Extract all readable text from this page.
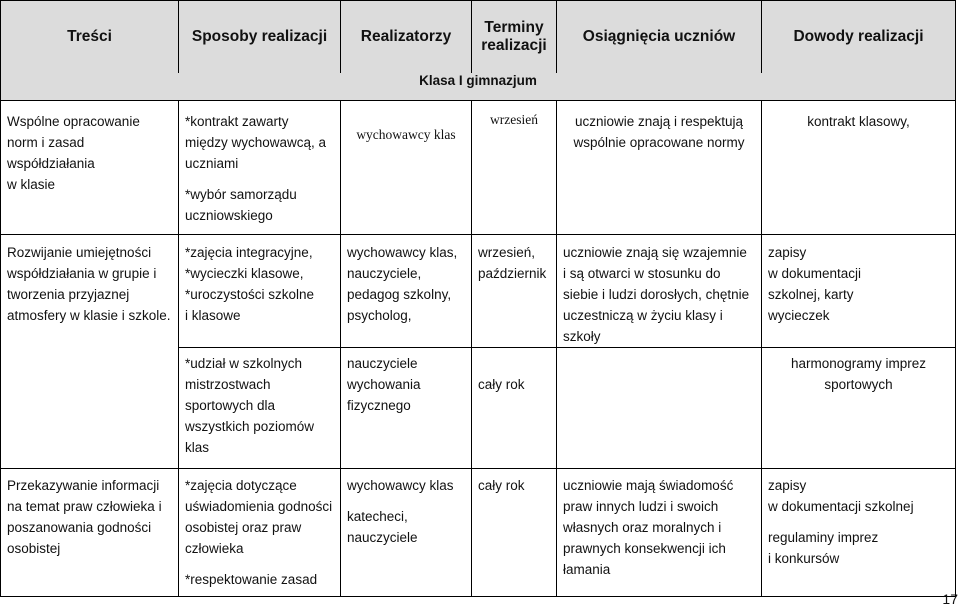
Treści	Sposoby realizacji	Realizatorzy	Terminy realizacji	Osiągnięcia uczniów	Dowody realizacji
Klasa I gimnazjum					

Wspólne opracowanie
norm i zasad
współdziałania
w klasie	*kontrakt zawarty
między wychowawcą, a
uczniami
*wybór samorządu
uczniowskiego	wychowawcy klas	wrzesień	uczniowie znają i respektują
wspólnie opracowane normy	kontrakt klasowy,

Rozwijanie umiejętności
współdziałania w grupie i
tworzenia przyjaznej
atmosfery w klasie i szkole.	*zajęcia integracyjne,
*wycieczki klasowe,
*uroczystości szkolne
i klasowe	wychowawcy klas,
nauczyciele,
pedagog szkolny,
psycholog,	wrzesień,
październik	uczniowie znają się wzajemnie
i są otwarci w stosunku do
siebie i ludzi dorosłych, chętnie
uczestniczą w życiu klasy i szkoły	zapisy
w dokumentacji
szkolnej, karty
wycieczek

	*udział w szkolnych
mistrzostwach
sportowych dla
wszystkich poziomów
klas	nauczyciele
wychowania
fizycznego	cały rok		harmonogramy imprez
sportowych

Przekazywanie informacji
na temat praw człowieka i
poszanowania godności
osobistej	*zajęcia dotyczące
uświadomienia godności
osobistej oraz praw
człowieka
*respektowanie zasad	wychowawcy klas
katecheci,
nauczyciele	cały rok	uczniowie mają świadomość
praw innych ludzi i swoich
własnych oraz moralnych i
prawnych konsekwencji ich
łamania	zapisy
w dokumentacji szkolnej
regulaminy imprez
i konkursów
17
